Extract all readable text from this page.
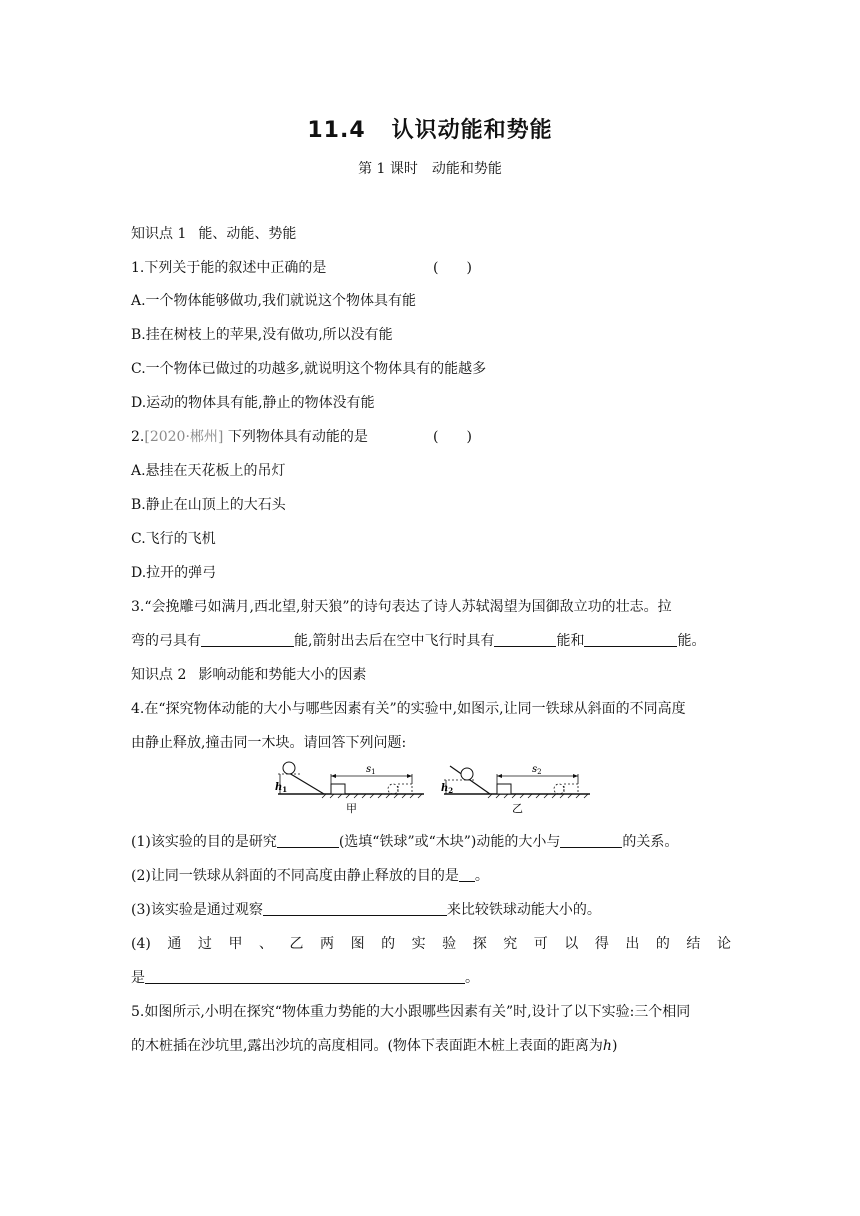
11.4 认识动能和势能
第 1 课时 动能和势能
知识点 1 能、动能、势能
1.下列关于能的叙述中正确的是	(　　)
A.一个物体能够做功,我们就说这个物体具有能
B.挂在树枝上的苹果,没有做功,所以没有能
C.一个物体已做过的功越多,就说明这个物体具有的能越多
D.运动的物体具有能,静止的物体没有能
2.[2020·郴州] 下列物体具有动能的是	(　　)
A.悬挂在天花板上的吊灯
B.静止在山顶上的大石头
C.飞行的飞机
D.拉开的弹弓
3.“会挽雕弓如满月,西北望,射天狼”的诗句表达了诗人苏轼渴望为国御敌立功的壮志。拉
弯的弓具有	能,箭射出去后在空中飞行时具有	能和	能。
知识点 2 影响动能和势能大小的因素
4.在“探究物体动能的大小与哪些因素有关”的实验中,如图示,让同一铁球从斜面的不同高度
由静止释放,撞击同一木块。请回答下列问题:
$h_1$
$s_1$
甲
$h_2$
$s_2$
乙
(1)该实验的目的是研究	(选填“铁球”或“木块”)动能的大小与	的关系。
(2)让同一铁球从斜面的不同高度由静止释放的目的是 。
(3)该实验是通过观察	来比较铁球动能大小的。
(4) 通 过 甲 、 乙 两 图 的 实 验 探 究 可 以 得 出 的 结 论
是	。
5.如图所示,小明在探究“物体重力势能的大小跟哪些因素有关”时,设计了以下实验:三个相同
的木桩插在沙坑里,露出沙坑的高度相同。(物体下表面距木桩上表面的距离为h)
